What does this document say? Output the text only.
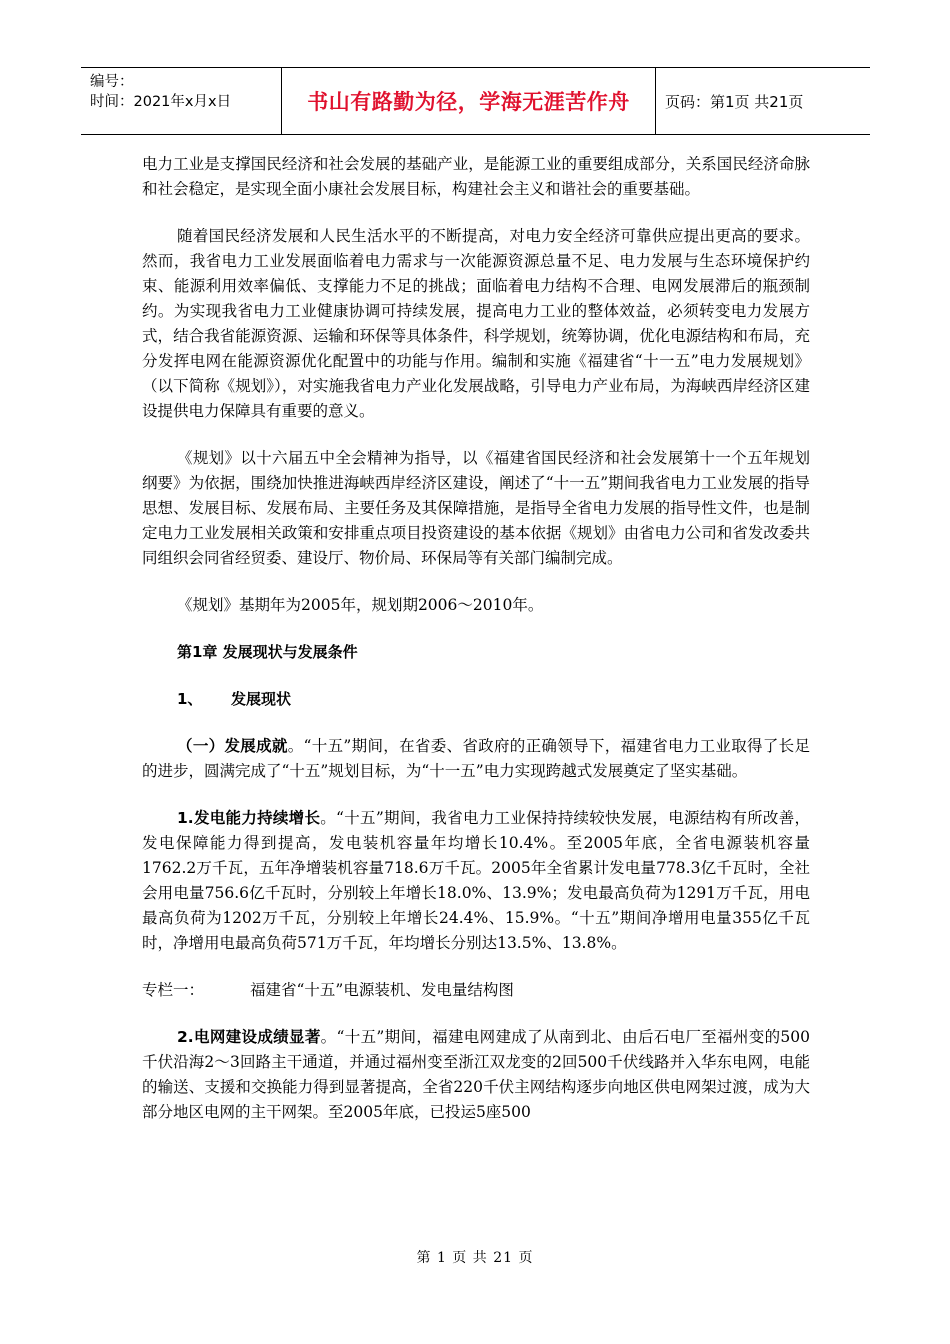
编号：
时间：2021年x月x日	书山有路勤为径，学海无涯苦作舟	页码：第1页 共21页

电力工业是支撑国民经济和社会发展的基础产业，是能源工业的重要组成部分，关系国民经济命脉和社会稳定，是实现全面小康社会发展目标，构建社会主义和谐社会的重要基础。

随着国民经济发展和人民生活水平的不断提高，对电力安全经济可靠供应提出更高的要求。然而，我省电力工业发展面临着电力需求与一次能源资源总量不足、电力发展与生态环境保护约束、能源利用效率偏低、支撑能力不足的挑战；面临着电力结构不合理、电网发展滞后的瓶颈制约。为实现我省电力工业健康协调可持续发展，提高电力工业的整体效益，必须转变电力发展方式，结合我省能源资源、运输和环保等具体条件，科学规划，统筹协调，优化电源结构和布局，充分发挥电网在能源资源优化配置中的功能与作用。编制和实施《福建省“十一五”电力发展规划》（以下简称《规划》），对实施我省电力产业化发展战略，引导电力产业布局，为海峡西岸经济区建设提供电力保障具有重要的意义。

《规划》以十六届五中全会精神为指导，以《福建省国民经济和社会发展第十一个五年规划纲要》为依据，围绕加快推进海峡西岸经济区建设，阐述了“十一五”期间我省电力工业发展的指导思想、发展目标、发展布局、主要任务及其保障措施，是指导全省电力发展的指导性文件，也是制定电力工业发展相关政策和安排重点项目投资建设的基本依据《规划》由省电力公司和省发改委共同组织会同省经贸委、建设厅、物价局、环保局等有关部门编制完成。

《规划》基期年为2005年，规划期2006～2010年。

第1章 发展现状与发展条件

1、 发展现状

（一）发展成就。“十五”期间，在省委、省政府的正确领导下，福建省电力工业取得了长足的进步，圆满完成了“十五”规划目标，为“十一五”电力实现跨越式发展奠定了坚实基础。

1.发电能力持续增长。“十五”期间，我省电力工业保持持续较快发展，电源结构有所改善，发电保障能力得到提高，发电装机容量年均增长10.4%。至2005年底，全省电源装机容量1762.2万千瓦，五年净增装机容量718.6万千瓦。2005年全省累计发电量778.3亿千瓦时，全社会用电量756.6亿千瓦时，分别较上年增长18.0%、13.9%；发电最高负荷为1291万千瓦，用电最高负荷为1202万千瓦，分别较上年增长24.4%、15.9%。“十五”期间净增用电量355亿千瓦时，净增用电最高负荷571万千瓦，年均增长分别达13.5%、13.8%。

专栏一：	福建省“十五”电源装机、发电量结构图

2.电网建设成绩显著。“十五”期间，福建电网建成了从南到北、由后石电厂至福州变的500千伏沿海2～3回路主干通道，并通过福州变至浙江双龙变的2回500千伏线路并入华东电网，电能的输送、支援和交换能力得到显著提高，全省220千伏主网结构逐步向地区供电网架过渡，成为大部分地区电网的主干网架。至2005年底，已投运5座500

第 1 页 共 21 页
